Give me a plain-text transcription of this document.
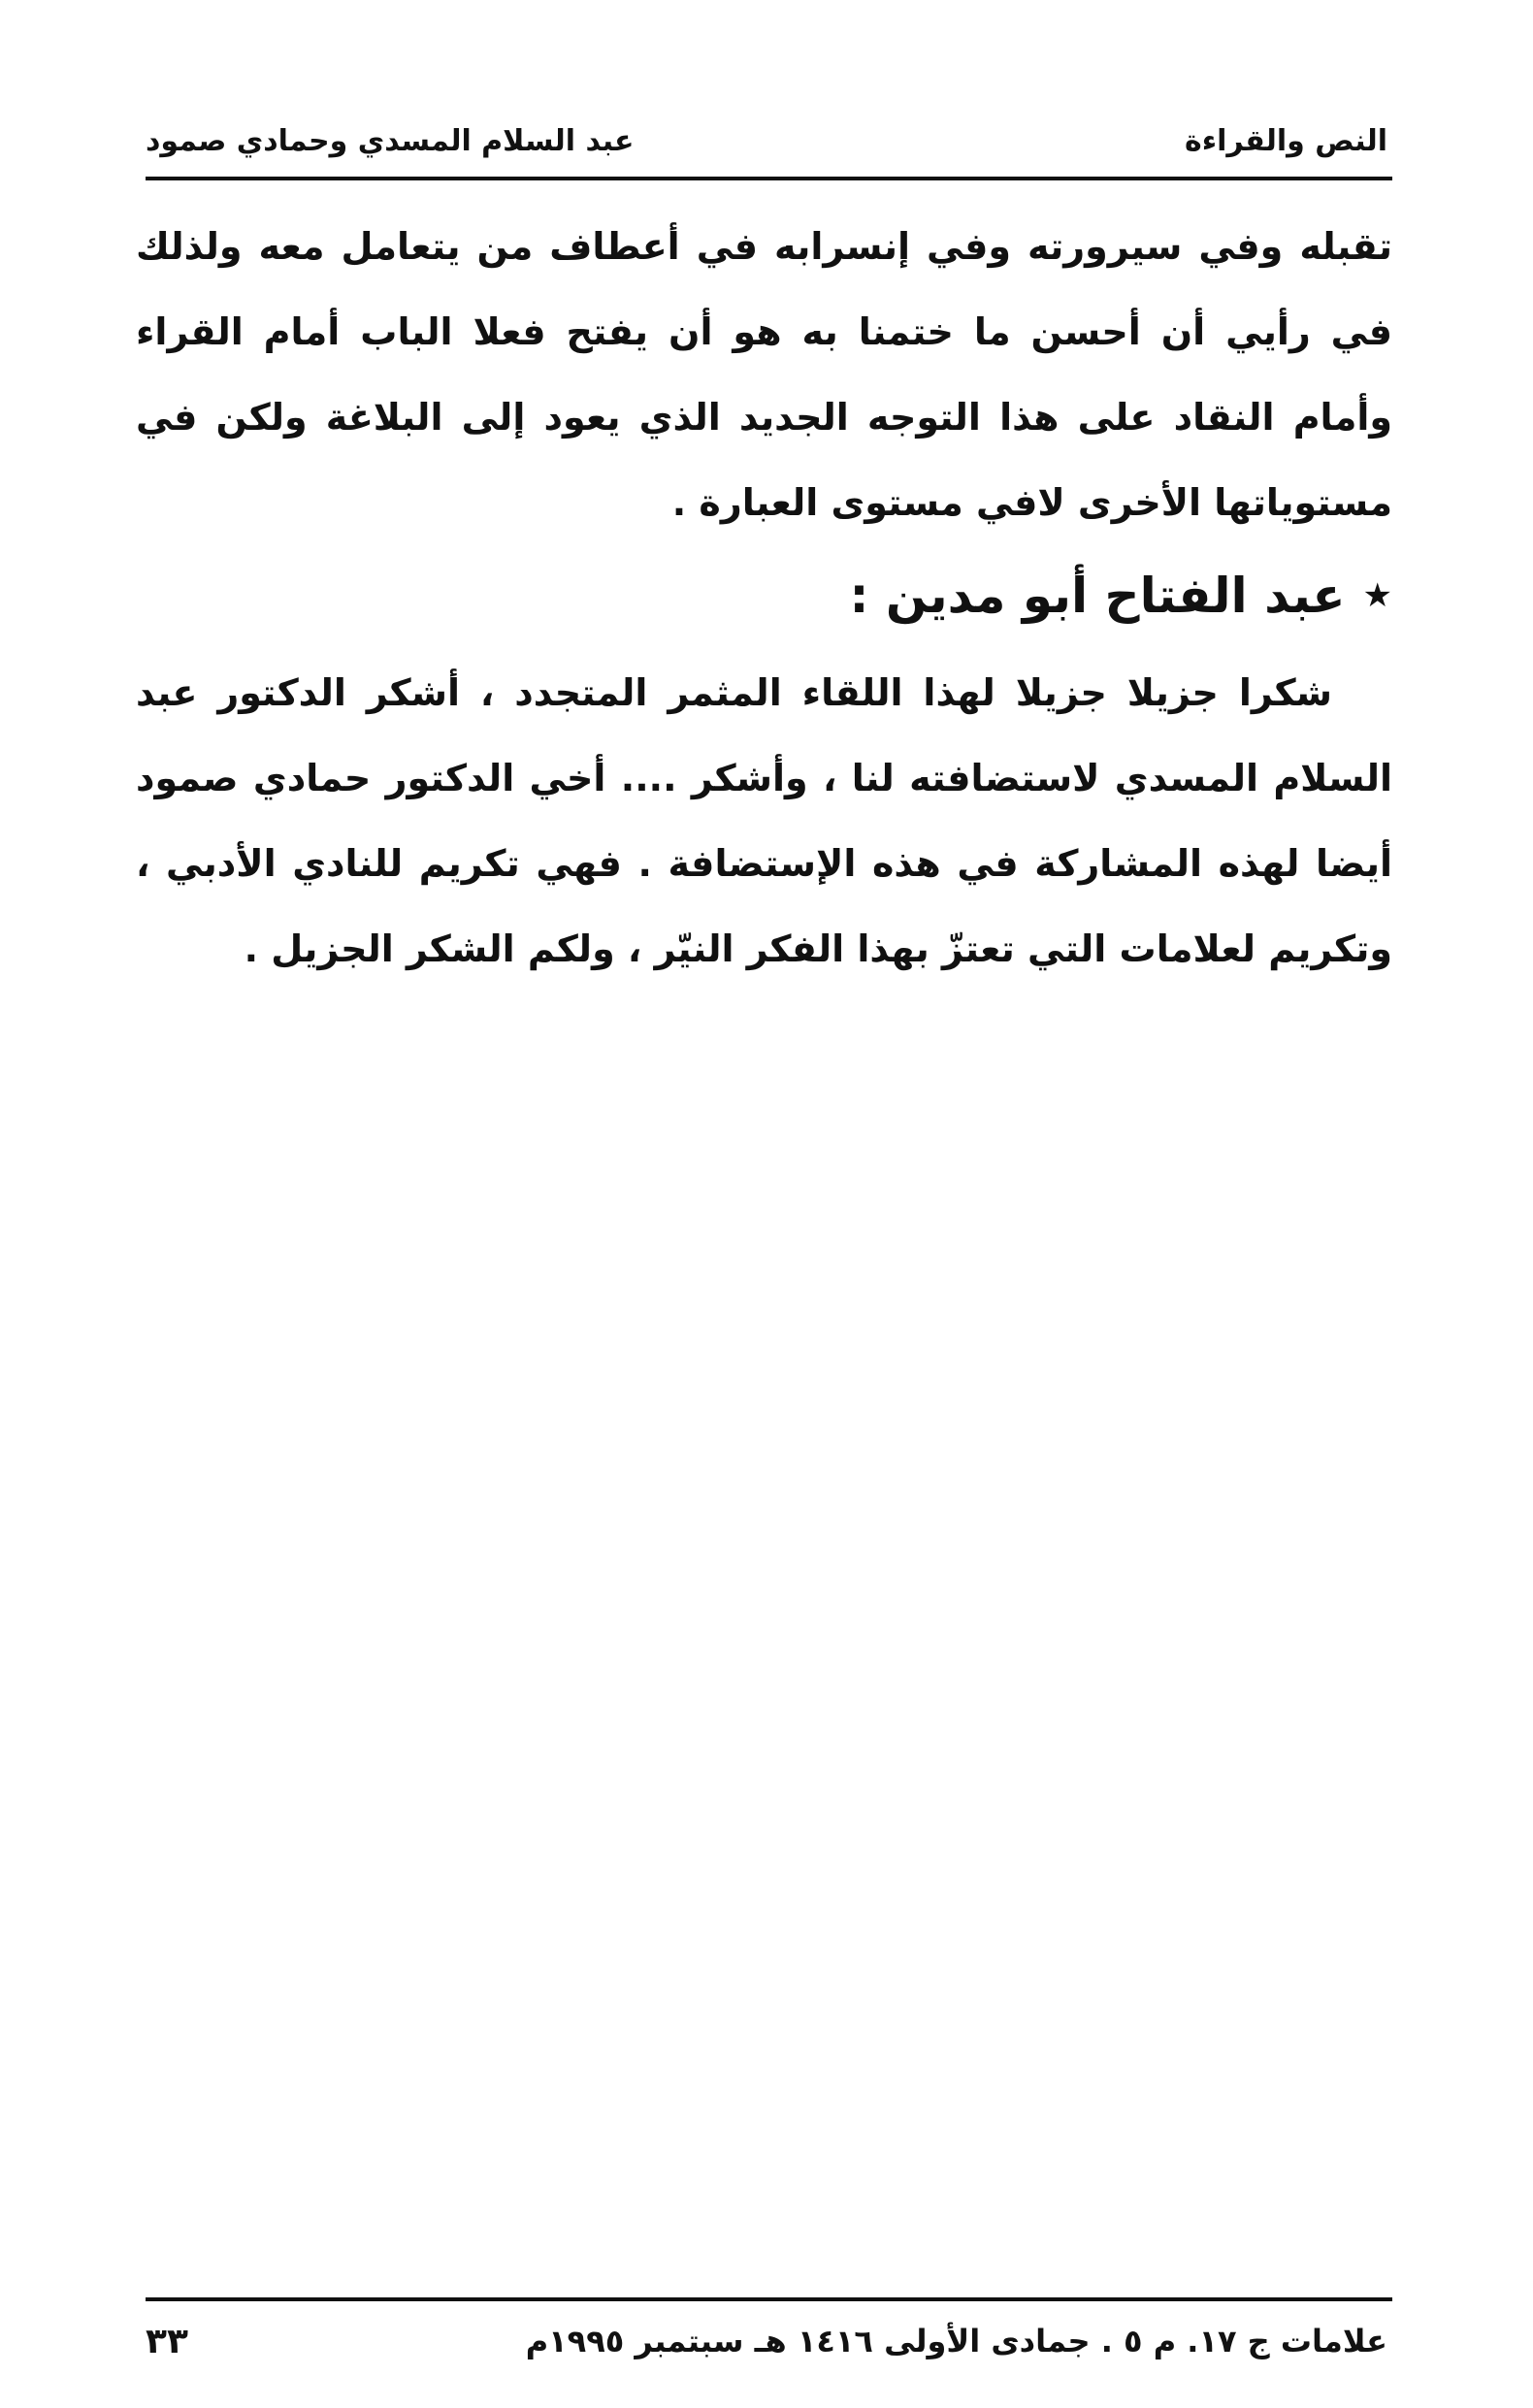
النص والقراءة
عبد السلام المسدي وحمادي صمود

تقبله وفي سيرورته وفي إنسرابه في أعطاف من يتعامل معه ولذلك في رأيي أن أحسن ما ختمنا به هو أن يفتح فعلا الباب أمام القراء وأمام النقاد على هذا التوجه الجديد الذي يعود إلى البلاغة ولكن في مستوياتها الأخرى لافي مستوى العبارة .

★
عبد الفتاح أبو مدين :

شكرا جزيلا جزيلا لهذا اللقاء المثمر المتجدد ، أشكر الدكتور عبد السلام المسدي لاستضافته لنا ، وأشكر .... أخي الدكتور حمادي صمود أيضا لهذه المشاركة في هذه الإستضافة . فهي تكريم للنادي الأدبي ، وتكريم لعلامات التي تعتزّ بهذا الفكر النيّر ، ولكم الشكر الجزيل .

علامات ج ١٧. م ٥ . جمادى الأولى ١٤١٦ هـ سبتمبر ١٩٩٥م
٣٣
